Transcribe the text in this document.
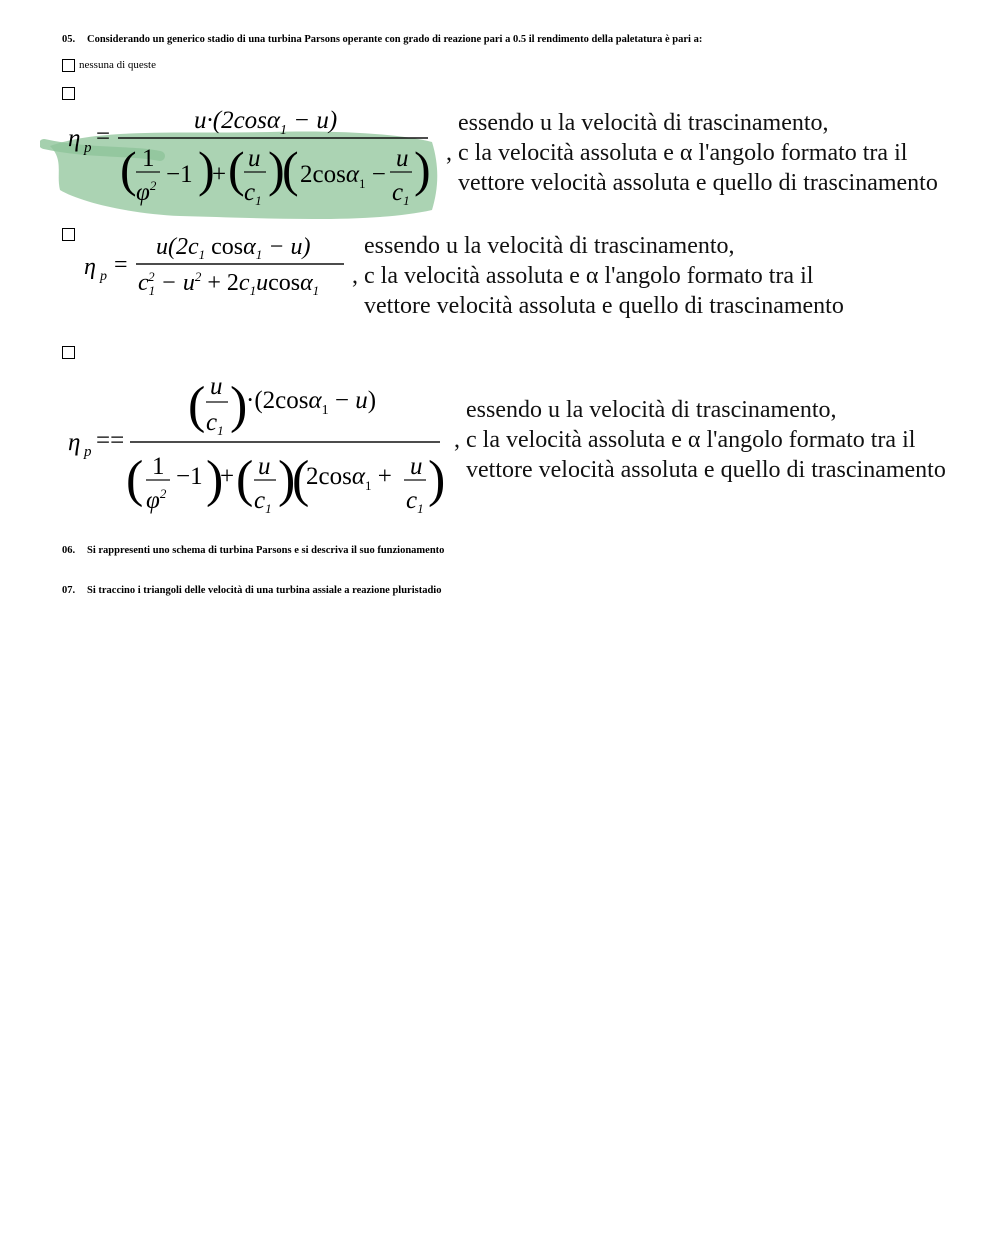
05. Considerando un generico stadio di una turbina Parsons operante con grado di reazione pari a 0.5 il rendimento della paletatura è pari a:
nessuna di queste
η p =
u·(2cosα$_1$ − u)
( 1
$\varphi^2 -1$ )
+ ( u
$c_1$
)
( 2cosα$_1$ −
u
$c_1$
)
essendo u la velocità di trascinamento,
, c la velocità assoluta e α l'angolo formato tra il
vettore velocità assoluta e quello di trascinamento
η p =
$u(2c_1$ cosα$_1$ − u)
$c_12 - u^2 + 2c_1ucos\alpha_1$
essendo u la velocità di trascinamento,
, c la velocità assoluta e α l'angolo formato tra il
vettore velocità assoluta e quello di trascinamento
η p ==
( u
$c_1$ )
·(2cosα$_1$ − u)
( 1
$\varphi^2$
−1 )
+ ( u
$c_1$
)
(
2cosα$_1$ + u
$c_1$
)
essendo u la velocità di trascinamento,
, c la velocità assoluta e α l'angolo formato tra il
vettore velocità assoluta e quello di trascinamento
06. Si rappresenti uno schema di turbina Parsons e si descriva il suo funzionamento
07. Si traccino i triangoli delle velocità di una turbina assiale a reazione pluristadio
